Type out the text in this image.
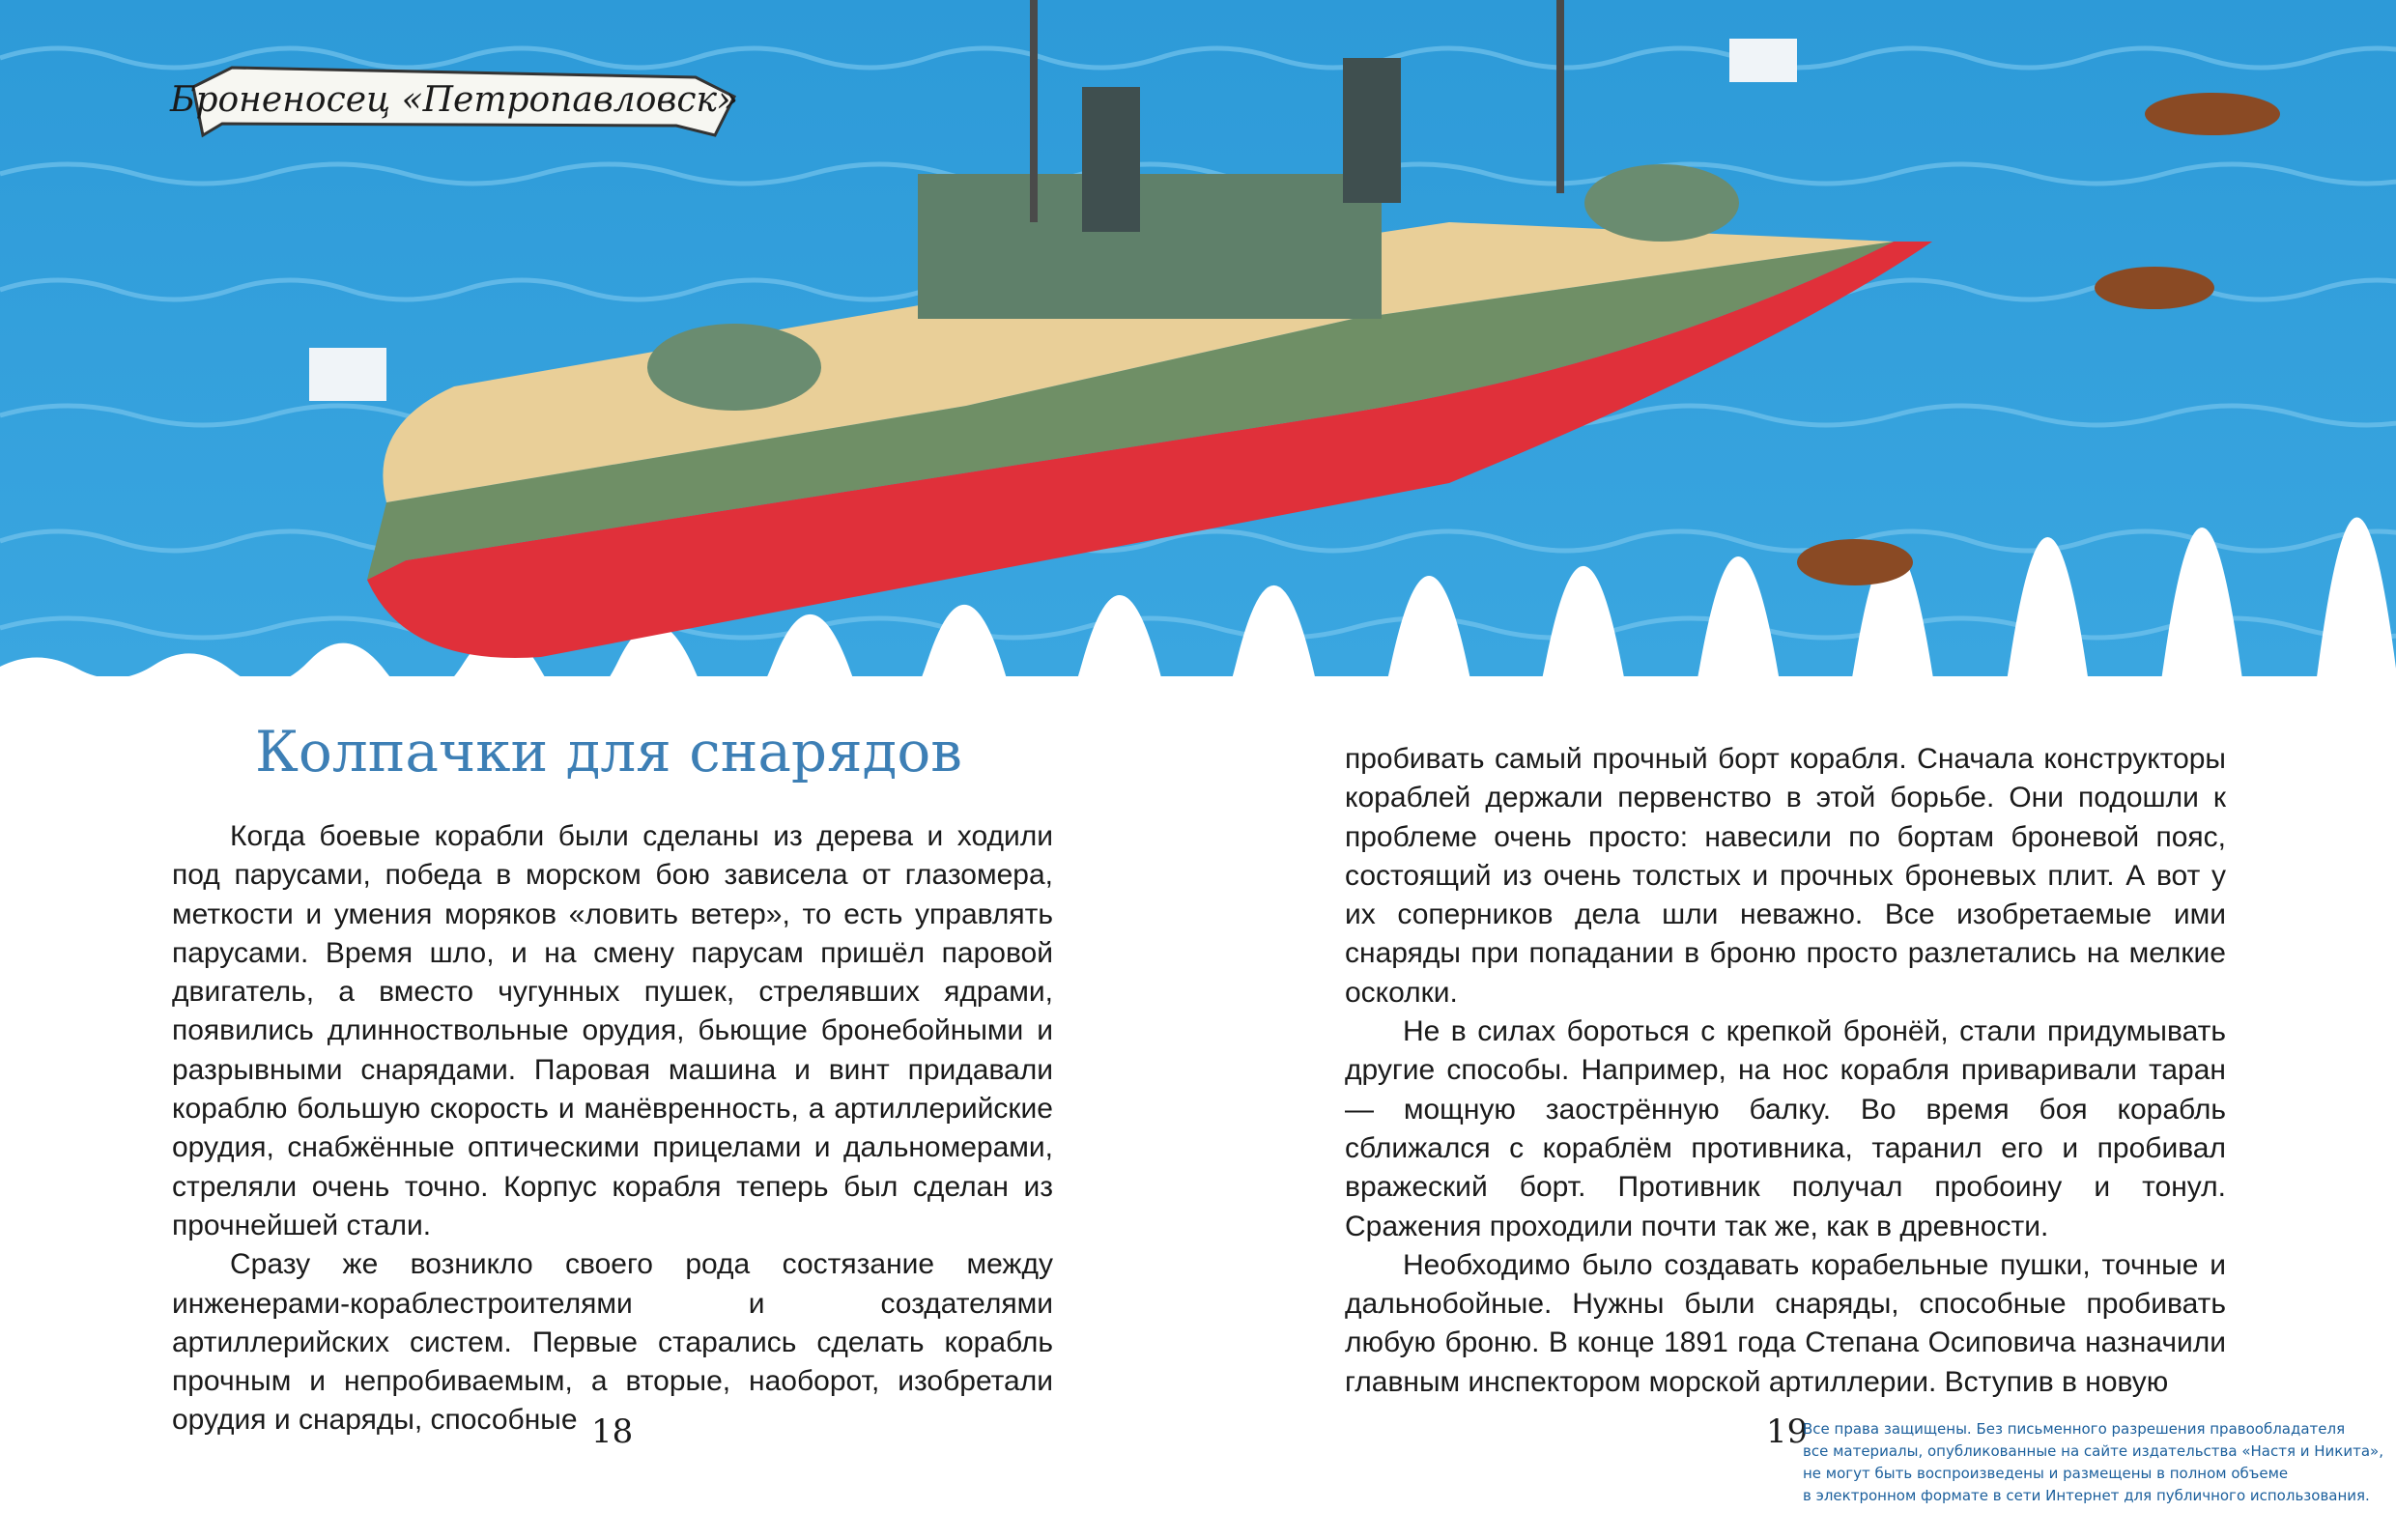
Броненосец «Петропавловск»
Колпачки для снарядов

Когда боевые корабли были сделаны из дерева и ходили под парусами, победа в морском бою зависела от глазомера, меткости и умения моряков «ловить ветер», то есть управлять парусами. Время шло, и на смену парусам пришёл паровой двигатель, а вместо чугунных пушек, стрелявших ядрами, появились длинноствольные орудия, бьющие бронебойными и разрывными снарядами. Паровая машина и винт придавали кораблю большую скорость и манёвренность, а артиллерийские орудия, снабжённые оптическими прицелами и дальномерами, стреляли очень точно. Корпус корабля теперь был сделан из прочнейшей стали.

Сразу же возникло своего рода состязание между инженерами-кораблестроителями и создателями артиллерийских систем. Первые старались сделать корабль прочным и непробиваемым, а вторые, наоборот, изобретали орудия и снаряды, способные

пробивать самый прочный борт корабля. Сначала конструкторы кораблей держали первенство в этой борьбе. Они подошли к проблеме очень просто: навесили по бортам броневой пояс, состоящий из очень толстых и прочных броневых плит. А вот у их соперников дела шли неважно. Все изобретаемые ими снаряды при попадании в броню просто разлетались на мелкие осколки.

Не в силах бороться с крепкой бронёй, стали придумывать другие способы. Например, на нос корабля приваривали таран — мощную заострённую балку. Во время боя корабль сближался с кораблём противника, таранил его и пробивал вражеский борт. Противник получал пробоину и тонул. Сражения проходили почти так же, как в древности.

Необходимо было создавать корабельные пушки, точные и дальнобойные. Нужны были снаряды, способные пробивать любую броню. В конце 1891 года Степана Осиповича назначили главным инспектором морской артиллерии. Вступив в новую

18	19
Все права защищены. Без письменного разрешения правообладателя
все материалы, опубликованные на сайте издательства «Настя и Никита»,
не могут быть воспроизведены и размещены в полном объеме
в электронном формате в сети Интернет для публичного использования.
